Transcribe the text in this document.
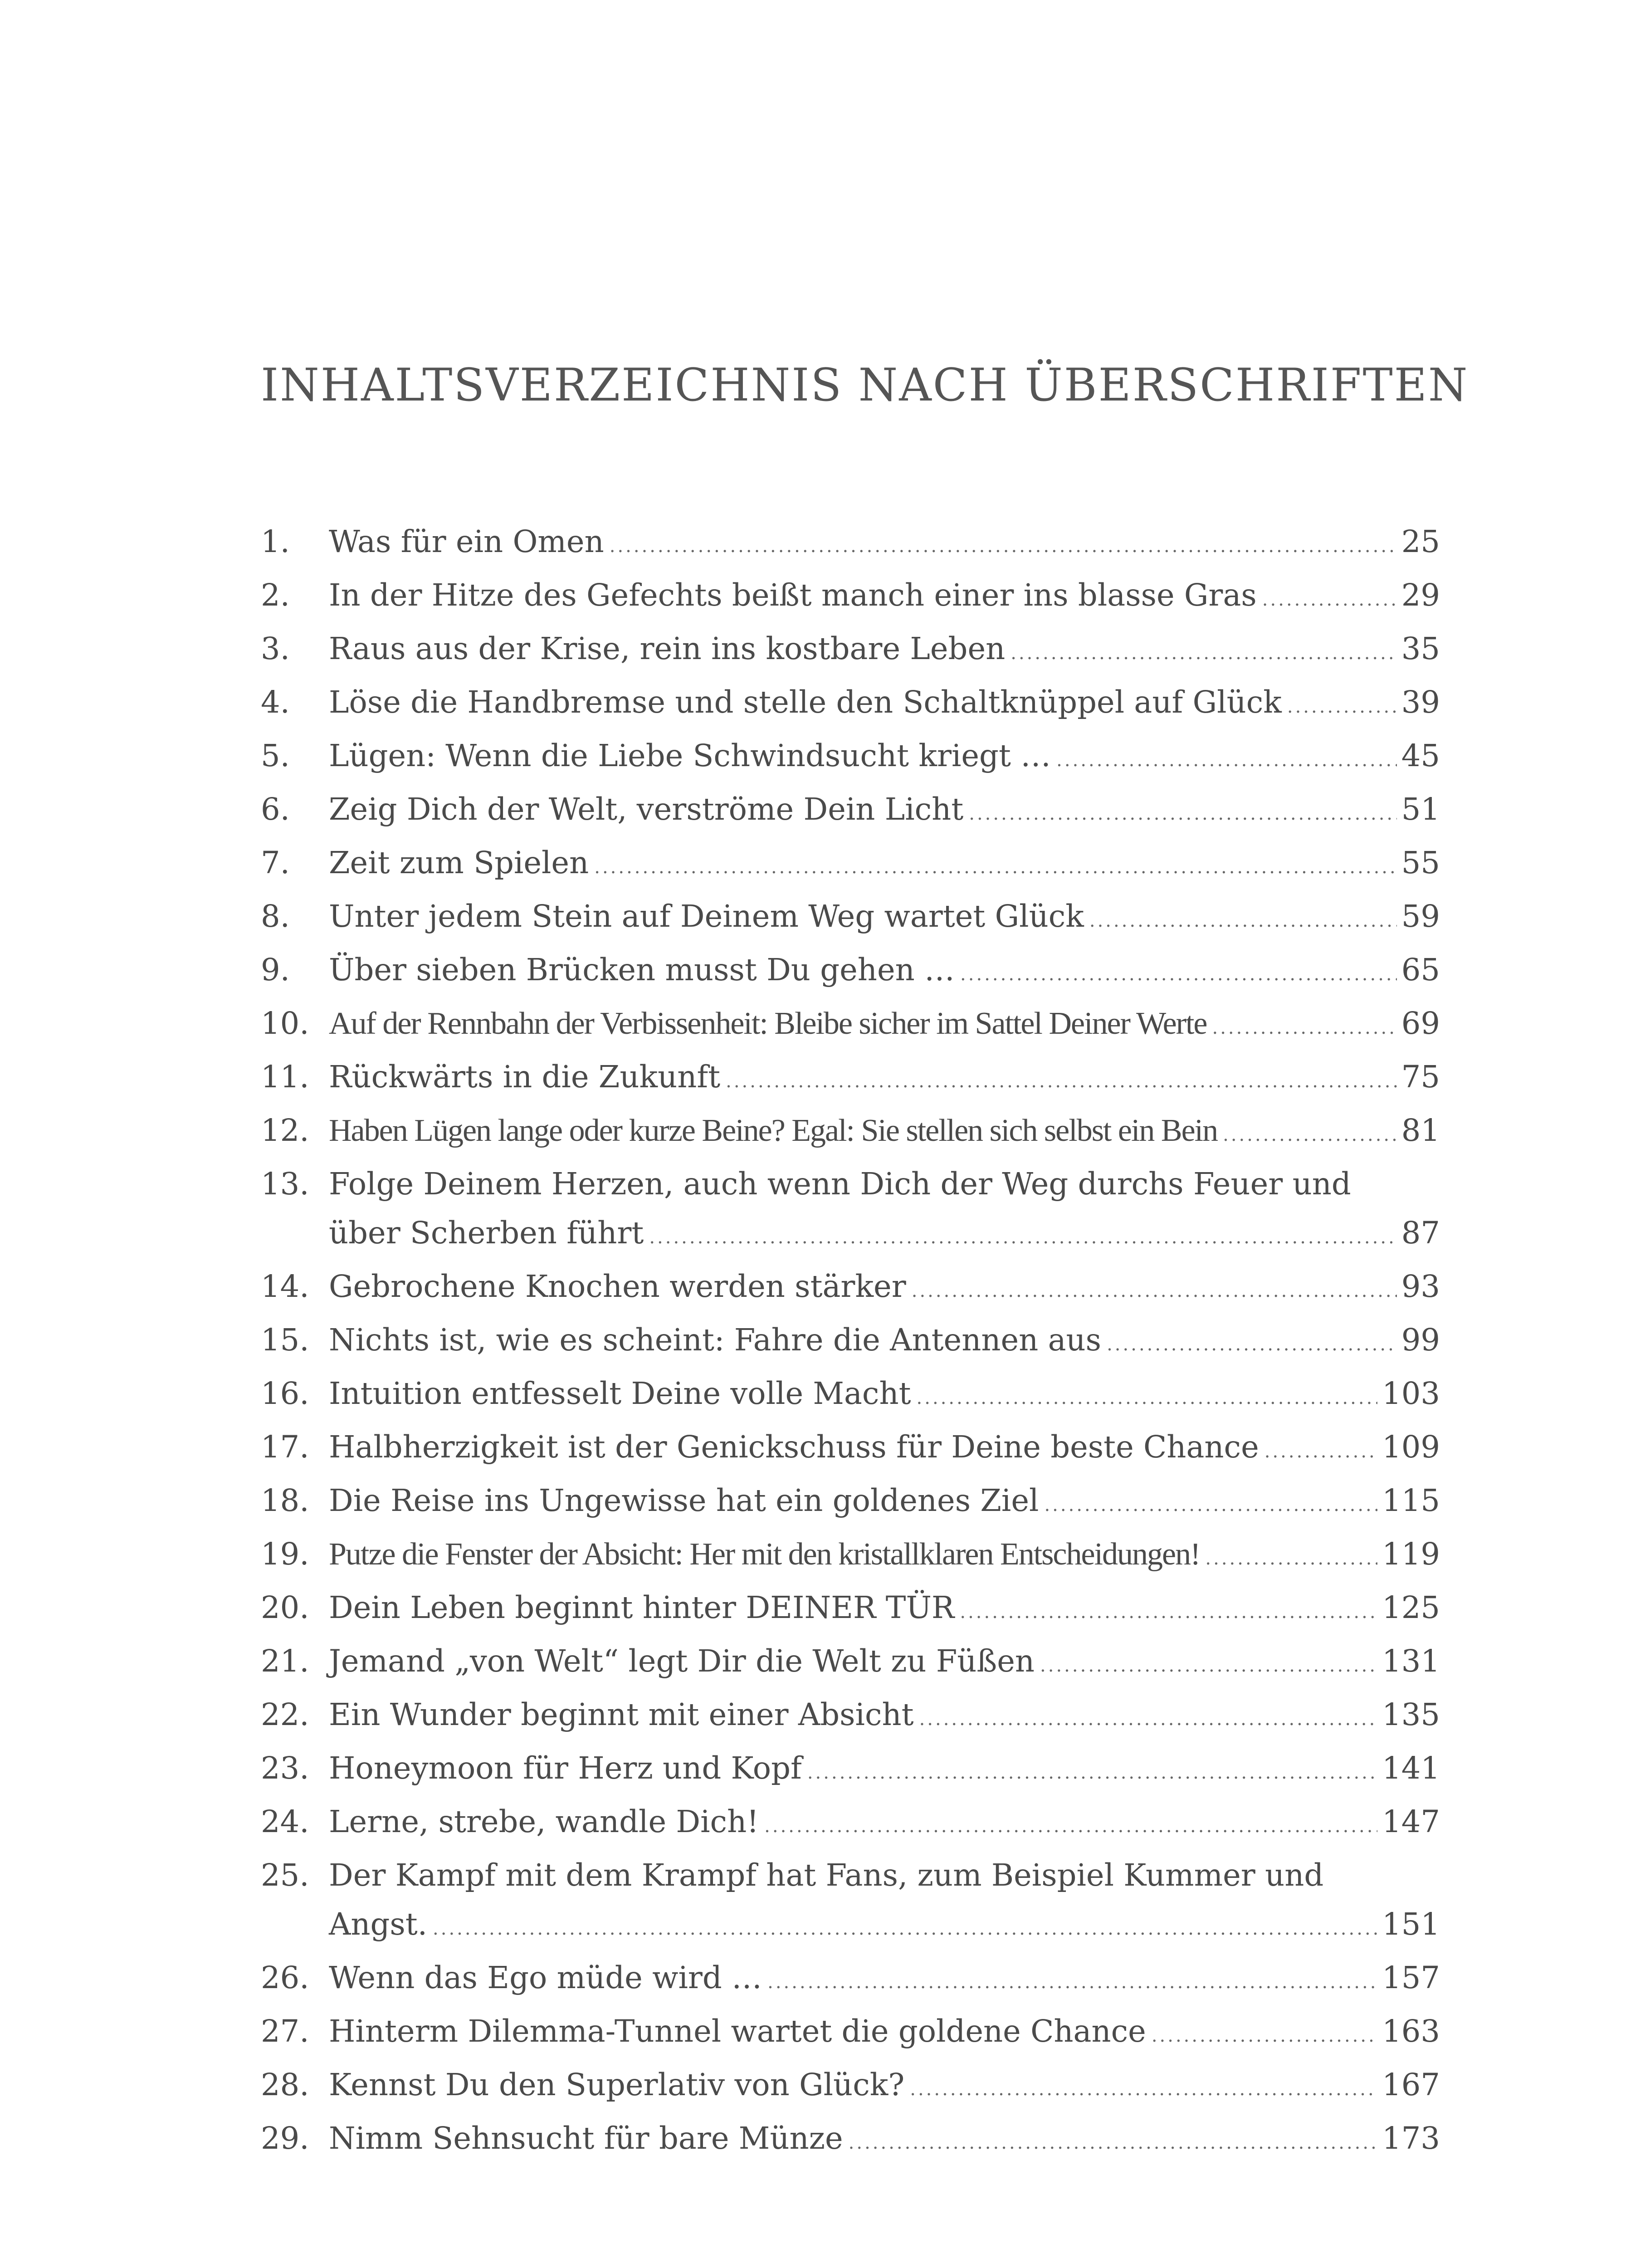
INHALTSVERZEICHNIS NACH ÜBERSCHRIFTEN
1.	Was für ein Omen .....	25
2.	In der Hitze des Gefechts beißt manch einer ins blasse Gras .....	29
3.	Raus aus der Krise, rein ins kostbare Leben .....	35
4.	Löse die Handbremse und stelle den Schaltknüppel auf Glück .....	39
5.	Lügen: Wenn die Liebe Schwindsucht kriegt … .....	45
6.	Zeig Dich der Welt, verströme Dein Licht .....	51
7.	Zeit zum Spielen .....	55
8.	Unter jedem Stein auf Deinem Weg wartet Glück .....	59
9.	Über sieben Brücken musst Du gehen … .....	65
10. Auf der Rennbahn der Verbissenheit: Bleibe sicher im Sattel Deiner Werte .....	69
11. Rückwärts in die Zukunft .....	75
12. Haben Lügen lange oder kurze Beine? Egal: Sie stellen sich selbst ein Bein .....	81
13. Folge Deinem Herzen, auch wenn Dich der Weg durchs Feuer und
über Scherben führt .....	87
14. Gebrochene Knochen werden stärker .....	93
15. Nichts ist, wie es scheint: Fahre die Antennen aus .....	99
16. Intuition entfesselt Deine volle Macht .....	103
17. Halbherzigkeit ist der Genickschuss für Deine beste Chance .....	109
18. Die Reise ins Ungewisse hat ein goldenes Ziel .....	115
19. Putze die Fenster der Absicht: Her mit den kristallklaren Entscheidungen! .....	119
20. Dein Leben beginnt hinter DEINER TÜR .....	125
21. Jemand „von Welt“ legt Dir die Welt zu Füßen .....	131
22. Ein Wunder beginnt mit einer Absicht .....	135
23. Honeymoon für Herz und Kopf .....	141
24. Lerne, strebe, wandle Dich! .....	147
25. Der Kampf mit dem Krampf hat Fans, zum Beispiel Kummer und
Angst. .....	151
26. Wenn das Ego müde wird … .....	157
27. Hinterm Dilemma-Tunnel wartet die goldene Chance .....	163
28. Kennst Du den Superlativ von Glück? .....	167
29. Nimm Sehnsucht für bare Münze .....	173
